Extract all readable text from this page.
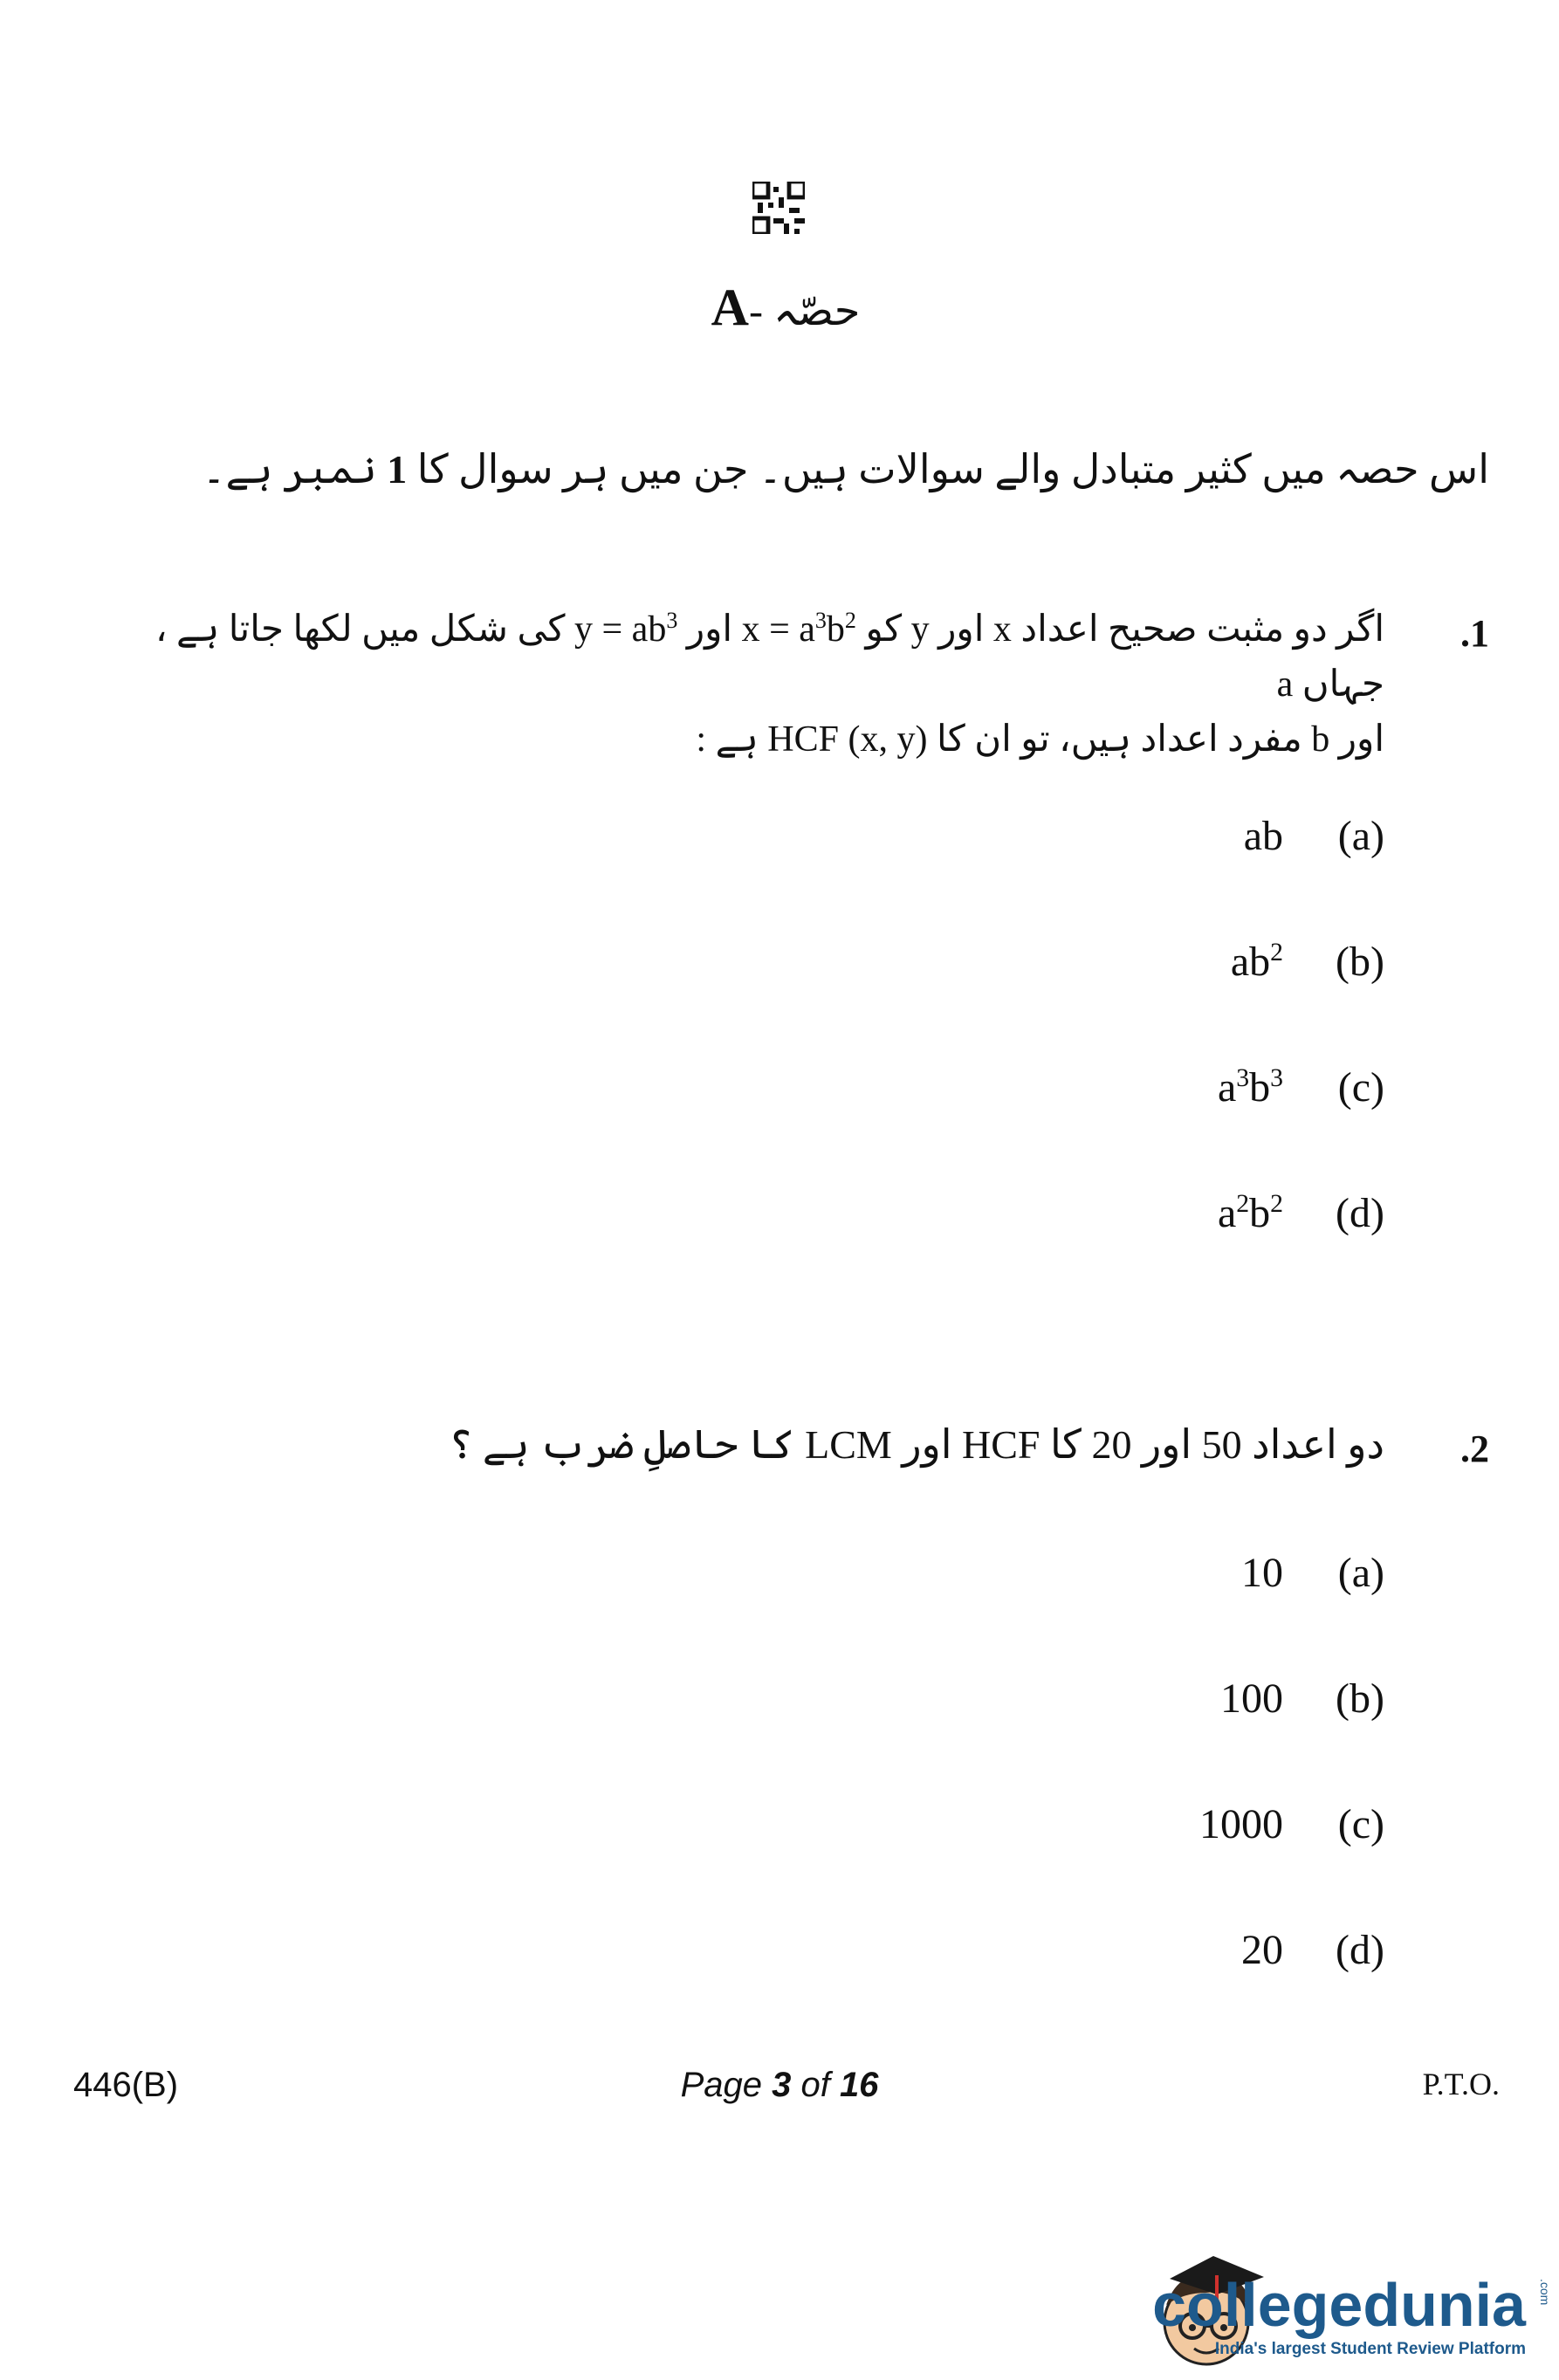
Aحصّہ -
اس حصہ میں کثیر متبادل والے سوالات ہیں۔ جن میں ہر سوال کا 1 نمبر ہے۔
.1
اگر دو مثبت صحیح اعداد x اور y کو $x = a^3b^2$ اور $y = ab^3$ کی شکل میں لکھا جاتا ہے ، جہاں a
اور b مفرد اعداد ہیں، تو ان کا HCF (x, y) ہے :
ab	(a)
$ab^2$ (b)
$a^3b^3$	(c)
$a^2b^2$ (d)
.2
دو اعداد 50 اور 20 کا HCF اور LCM کا حاصلِ ضرب ہے ؟
10	(a)
100 (b)
1000	(c)
20 (d)
446(B)	Page 3 of 16	P.T.O.
collegedunia .com
India's largest Student Review Platform
